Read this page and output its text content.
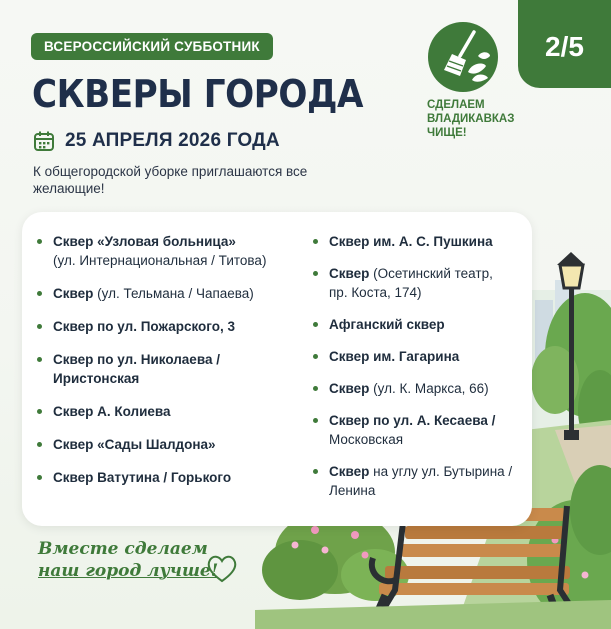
ВСЕРОССИЙСКИЙ СУББОТНИК
СКВЕРЫ ГОРОДА
25 АПРЕЛЯ 2026 ГОДА
К общегородской уборке приглашаются все желающие!
2/5
СДЕЛАЕМ
ВЛАДИКАВКАЗ
ЧИЩЕ!
Сквер «Узловая больница»
(ул. Интернациональная / Титова)
Сквер (ул. Тельмана / Чапаева)
Сквер по ул. Пожарского, 3
Сквер по ул. Николаева / Иристонская
Сквер А. Колиева
Сквер «Сады Шалдона»
Сквер Ватутина / Горького
Сквер им. А. С. Пушкина
Сквер (Осетинский театр, пр. Коста, 174)
Афганский сквер
Сквер им. Гагарина
Сквер (ул. К. Маркса, 66)
Сквер по ул. А. Кесаева /
Московская
Сквер на углу ул. Бутырина / Ленина
Вместе сделаем
наш город лучше!
